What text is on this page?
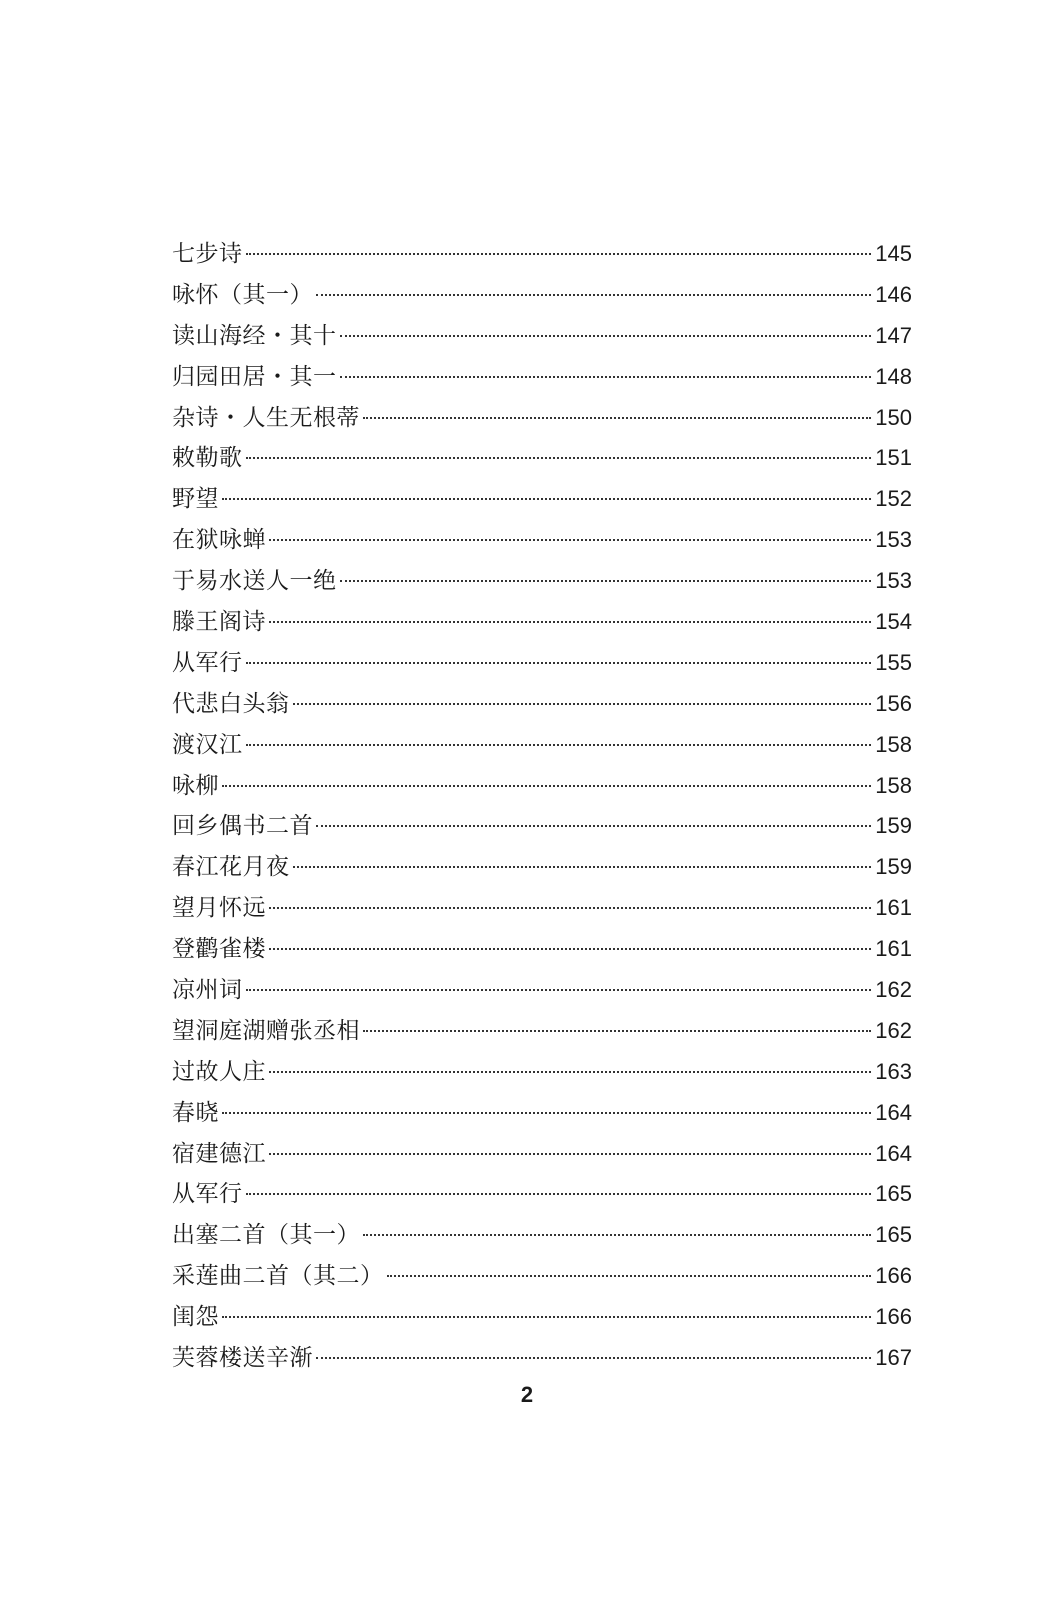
七步诗	145
咏怀（其一）	146
读山海经・其十	147
归园田居・其一	148
杂诗・人生无根蒂	150
敕勒歌	151
野望	152
在狱咏蝉	153
于易水送人一绝	153
滕王阁诗	154
从军行	155
代悲白头翁	156
渡汉江	158
咏柳	158
回乡偶书二首	159
春江花月夜	159
望月怀远	161
登鹳雀楼	161
凉州词	162
望洞庭湖赠张丞相	162
过故人庄	163
春晓	164
宿建德江	164
从军行	165
出塞二首（其一）	165
采莲曲二首（其二）	166
闺怨	166
芙蓉楼送辛渐	167
2
